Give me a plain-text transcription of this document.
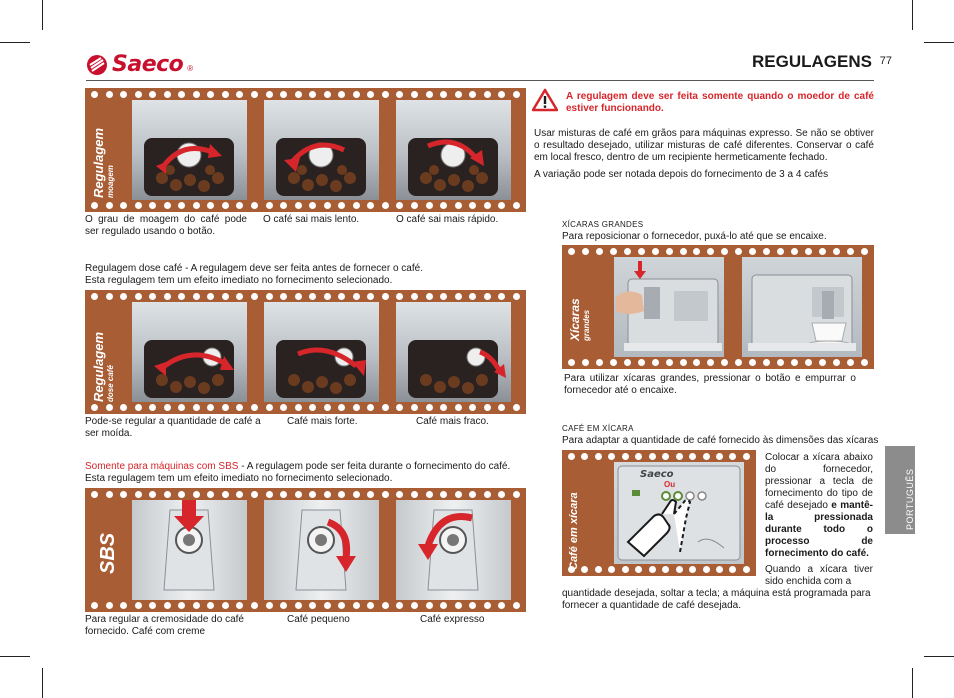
Saeco ®	REGULAGENS 77
Regulagem moagem
O grau de moagem do café pode ser regulado usando o botão.
O café sai mais lento.	O café sai mais rápido.
Regulagem dose café - A regulagem deve ser feita antes de fornecer o café.
Esta regulagem tem um efeito imediato no fornecimento selecionado.
Regulagem dose café
Pode-se regular a quantidade de café a ser moída.
Café mais forte.	Café mais fraco.
Somente para máquinas com SBS - A regulagem pode ser feita durante o fornecimento do café.
Esta regulagem tem um efeito imediato no fornecimento selecionado.
SBS
Para regular a cremosidade do café fornecido. Café com creme
Café pequeno	Café expresso
A regulagem deve ser feita somente quando o moedor de café estiver funcionando.
Usar misturas de café em grãos para máquinas expresso. Se não se obtiver o resultado desejado, utilizar misturas de café diferentes. Conservar o café em local fresco, dentro de um recipiente hermeticamente fechado.
A variação pode ser notada depois do fornecimento de 3 a 4 cafés
XÍCARAS GRANDES
Para reposicionar o fornecedor, puxá-lo até que se encaixe.
Xícaras grandes
Para utilizar xícaras grandes, pressionar o botão e empurrar o fornecedor até o encaixe.
CAFÉ EM XÍCARA
Para adaptar a quantidade de café fornecido às dimensões das xícaras
Café em xícara
Saeco
Ou
Colocar a xícara abaixo do fornecedor, pressionar a tecla de fornecimento do tipo de café desejado e mantê-la pressionada durante todo o processo de fornecimento do café.
Quando a xícara tiver sido enchida com a
quantidade desejada, soltar a tecla; a máquina está programada para fornecer a quantidade de café desejada.
PORTUGUÊS
